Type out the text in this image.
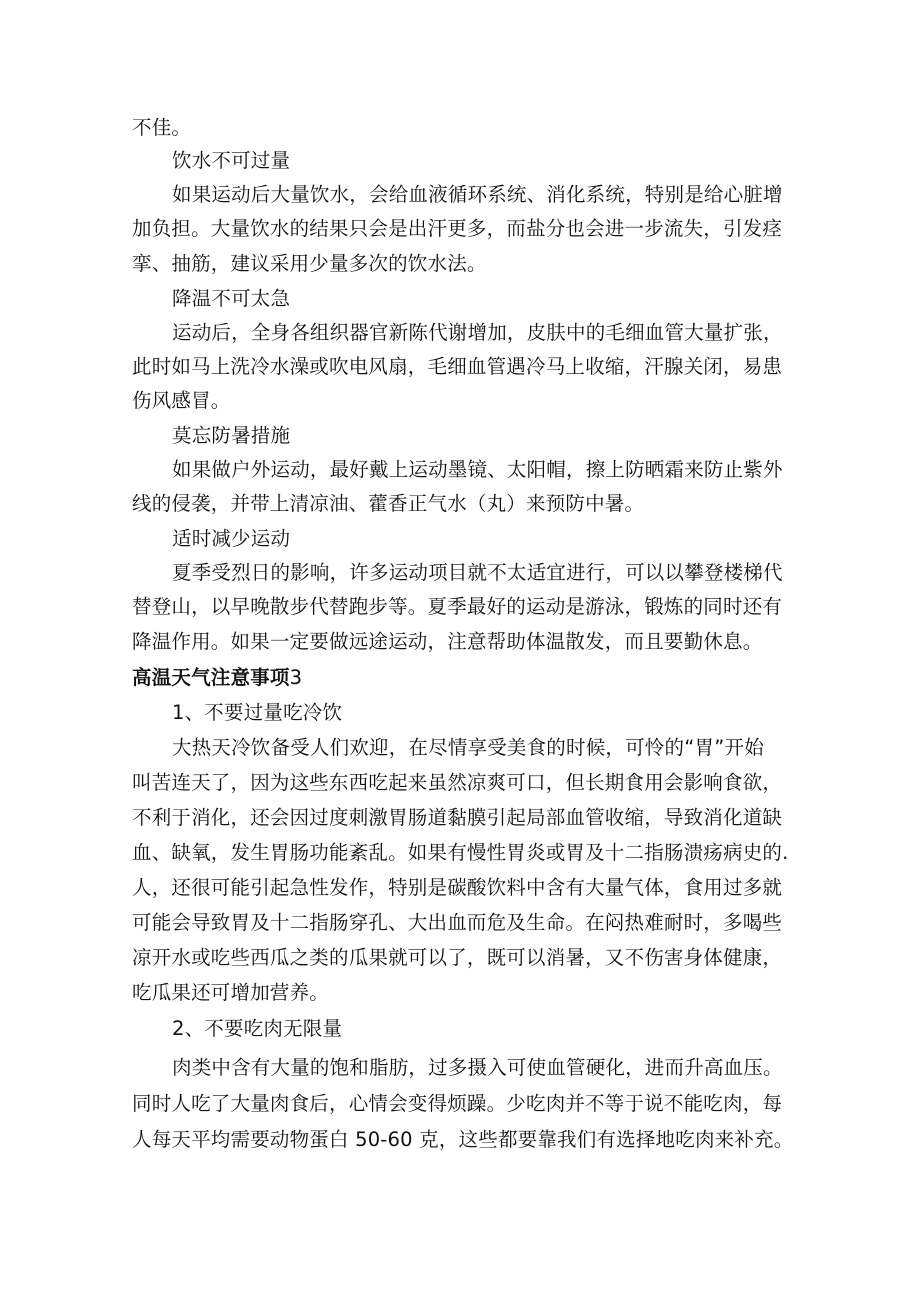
不佳。
饮水不可过量
如果运动后大量饮水，会给血液循环系统、消化系统，特别是给心脏增
加负担。大量饮水的结果只会是出汗更多，而盐分也会进一步流失，引发痉
挛、抽筋，建议采用少量多次的饮水法。
降温不可太急
运动后，全身各组织器官新陈代谢增加，皮肤中的毛细血管大量扩张，
此时如马上洗冷水澡或吹电风扇，毛细血管遇冷马上收缩，汗腺关闭，易患
伤风感冒。
莫忘防暑措施
如果做户外运动，最好戴上运动墨镜、太阳帽，擦上防晒霜来防止紫外
线的侵袭，并带上清凉油、藿香正气水（丸）来预防中暑。
适时减少运动
夏季受烈日的影响，许多运动项目就不太适宜进行，可以以攀登楼梯代
替登山，以早晚散步代替跑步等。夏季最好的运动是游泳，锻炼的同时还有
降温作用。如果一定要做远途运动，注意帮助体温散发，而且要勤休息。
高温天气注意事项3
1、不要过量吃冷饮
大热天冷饮备受人们欢迎，在尽情享受美食的时候，可怜的“胃”开始
叫苦连天了，因为这些东西吃起来虽然凉爽可口，但长期食用会影响食欲，
不利于消化，还会因过度刺激胃肠道黏膜引起局部血管收缩，导致消化道缺
血、缺氧，发生胃肠功能紊乱。如果有慢性胃炎或胃及十二指肠溃疡病史的.
人，还很可能引起急性发作，特别是碳酸饮料中含有大量气体，食用过多就
可能会导致胃及十二指肠穿孔、大出血而危及生命。在闷热难耐时，多喝些
凉开水或吃些西瓜之类的瓜果就可以了，既可以消暑，又不伤害身体健康，
吃瓜果还可增加营养。
2、不要吃肉无限量
肉类中含有大量的饱和脂肪，过多摄入可使血管硬化，进而升高血压。
同时人吃了大量肉食后，心情会变得烦躁。少吃肉并不等于说不能吃肉，每
人每天平均需要动物蛋白 50-60 克，这些都要靠我们有选择地吃肉来补充。
